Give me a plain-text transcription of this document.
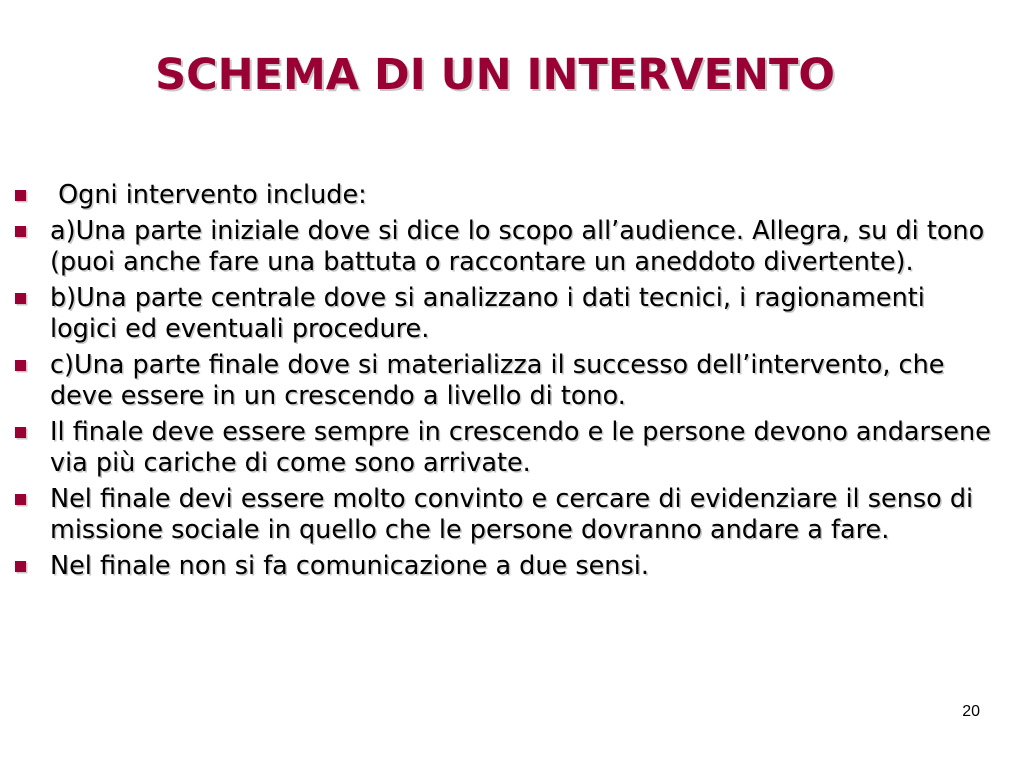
SCHEMA DI UN INTERVENTO
Ogni intervento include:
a)Una parte iniziale dove si dice lo scopo all’audience. Allegra, su di tono (puoi anche fare una battuta o raccontare un aneddoto divertente).
b)Una parte centrale dove si analizzano i dati tecnici, i ragionamenti logici ed eventuali procedure.
c)Una parte finale dove si materializza il successo dell’intervento, che deve essere in un crescendo a livello di tono.
Il finale deve essere sempre in crescendo e le persone devono andarsene via più cariche di come sono arrivate.
Nel finale devi essere molto convinto e cercare di evidenziare il senso di missione sociale in quello che le persone dovranno andare a fare.
Nel finale non si fa comunicazione a due sensi.
20
